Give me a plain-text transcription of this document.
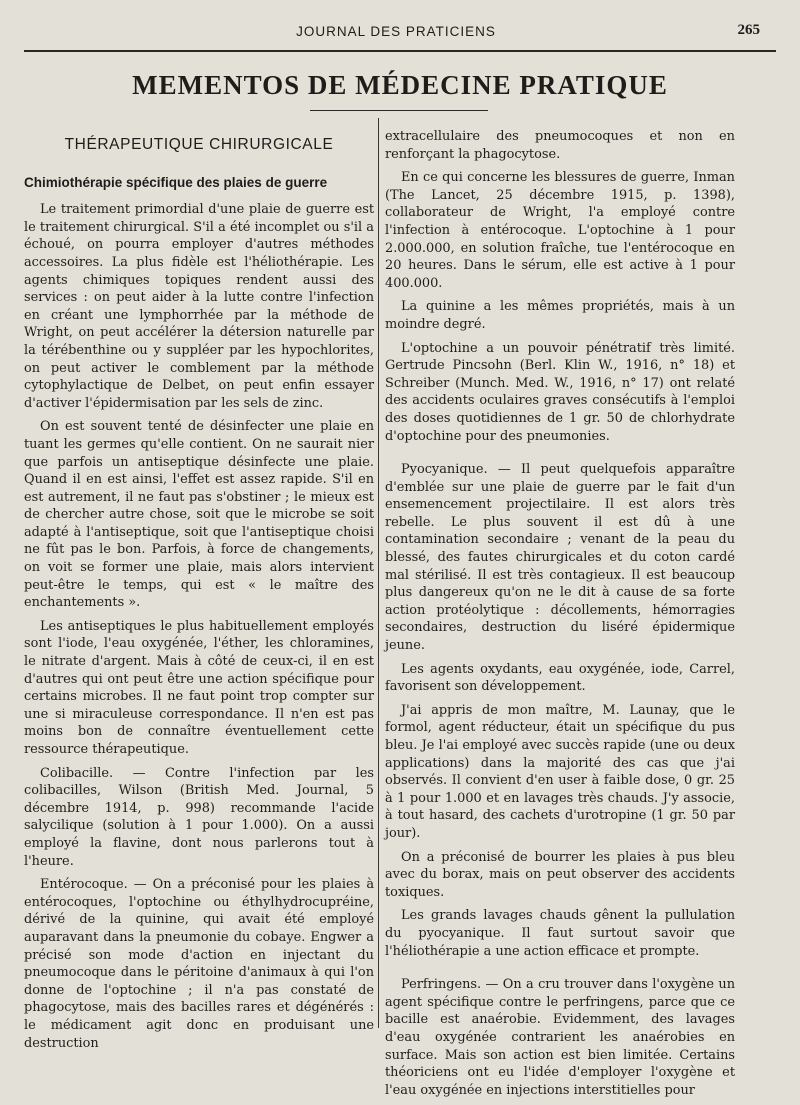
JOURNAL DES PRATICIENS	265
MEMENTOS DE MÉDECINE PRATIQUE
THÉRAPEUTIQUE CHIRURGICALE
Chimiothérapie spécifique des plaies de guerre

Le traitement primordial d'une plaie de guerre est le traitement chirurgical. S'il a été incomplet ou s'il a échoué, on pourra employer d'autres méthodes accessoires. La plus fidèle est l'héliothérapie. Les agents chimiques topiques rendent aussi des services : on peut aider à la lutte contre l'infection en créant une lymphorrhée par la méthode de Wright, on peut accélérer la détersion naturelle par la térébenthine ou y suppléer par les hypochlorites, on peut activer le comblement par la méthode cytophylactique de Delbet, on peut enfin essayer d'activer l'épidermisation par les sels de zinc.

On est souvent tenté de désinfecter une plaie en tuant les germes qu'elle contient. On ne saurait nier que parfois un antiseptique désinfecte une plaie. Quand il en est ainsi, l'effet est assez rapide. S'il en est autrement, il ne faut pas s'obstiner ; le mieux est de chercher autre chose, soit que le microbe se soit adapté à l'antiseptique, soit que l'antiseptique choisi ne fût pas le bon. Parfois, à force de changements, on voit se former une plaie, mais alors intervient peut-être le temps, qui est « le maître des enchantements ».

Les antiseptiques le plus habituellement employés sont l'iode, l'eau oxygénée, l'éther, les chloramines, le nitrate d'argent. Mais à côté de ceux-ci, il en est d'autres qui ont peut être une action spécifique pour certains microbes. Il ne faut point trop compter sur une si miraculeuse correspondance. Il n'en est pas moins bon de connaître éventuellement cette ressource thérapeutique.

Colibacille. — Contre l'infection par les colibacilles, Wilson (British Med. Journal, 5 décembre 1914, p. 998) recommande l'acide salycilique (solution à 1 pour 1.000). On a aussi employé la flavine, dont nous parlerons tout à l'heure.

Entérocoque. — On a préconisé pour les plaies à entérocoques, l'optochine ou éthylhydrocupréine, dérivé de la quinine, qui avait été employé auparavant dans la pneumonie du cobaye. Engwer a précisé son mode d'action en injectant du pneumocoque dans le péritoine d'animaux à qui l'on donne de l'optochine ; il n'a pas constaté de phagocytose, mais des bacilles rares et dégénérés : le médicament agit donc en produisant une destruction

extracellulaire des pneumocoques et non en renforçant la phagocytose.

En ce qui concerne les blessures de guerre, Inman (The Lancet, 25 décembre 1915, p. 1398), collaborateur de Wright, l'a employé contre l'infection à entérocoque. L'optochine à 1 pour 2.000.000, en solution fraîche, tue l'entérocoque en 20 heures. Dans le sérum, elle est active à 1 pour 400.000.

La quinine a les mêmes propriétés, mais à un moindre degré.

L'optochine a un pouvoir pénétratif très limité. Gertrude Pincsohn (Berl. Klin W., 1916, n° 18) et Schreiber (Munch. Med. W., 1916, n° 17) ont relaté des accidents oculaires graves consécutifs à l'emploi des doses quotidiennes de 1 gr. 50 de chlorhydrate d'optochine pour des pneumonies.

Pyocyanique. — Il peut quelquefois apparaître d'emblée sur une plaie de guerre par le fait d'un ensemencement projectilaire. Il est alors très rebelle. Le plus souvent il est dû à une contamination secondaire ; venant de la peau du blessé, des fautes chirurgicales et du coton cardé mal stérilisé. Il est très contagieux. Il est beaucoup plus dangereux qu'on ne le dit à cause de sa forte action protéolytique : décollements, hémorragies secondaires, destruction du liséré épidermique jeune.

Les agents oxydants, eau oxygénée, iode, Carrel, favorisent son développement.

J'ai appris de mon maître, M. Launay, que le formol, agent réducteur, était un spécifique du pus bleu. Je l'ai employé avec succès rapide (une ou deux applications) dans la majorité des cas que j'ai observés. Il convient d'en user à faible dose, 0 gr. 25 à 1 pour 1.000 et en lavages très chauds. J'y associe, à tout hasard, des cachets d'urotropine (1 gr. 50 par jour).

On a préconisé de bourrer les plaies à pus bleu avec du borax, mais on peut observer des accidents toxiques.

Les grands lavages chauds gênent la pullulation du pyocyanique. Il faut surtout savoir que l'héliothérapie a une action efficace et prompte.

Perfringens. — On a cru trouver dans l'oxygène un agent spécifique contre le perfringens, parce que ce bacille est anaérobie. Evidemment, des lavages d'eau oxygénée contrarient les anaérobies en surface. Mais son action est bien limitée. Certains théoriciens ont eu l'idée d'employer l'oxygène et l'eau oxygénée en injections interstitielles pour
